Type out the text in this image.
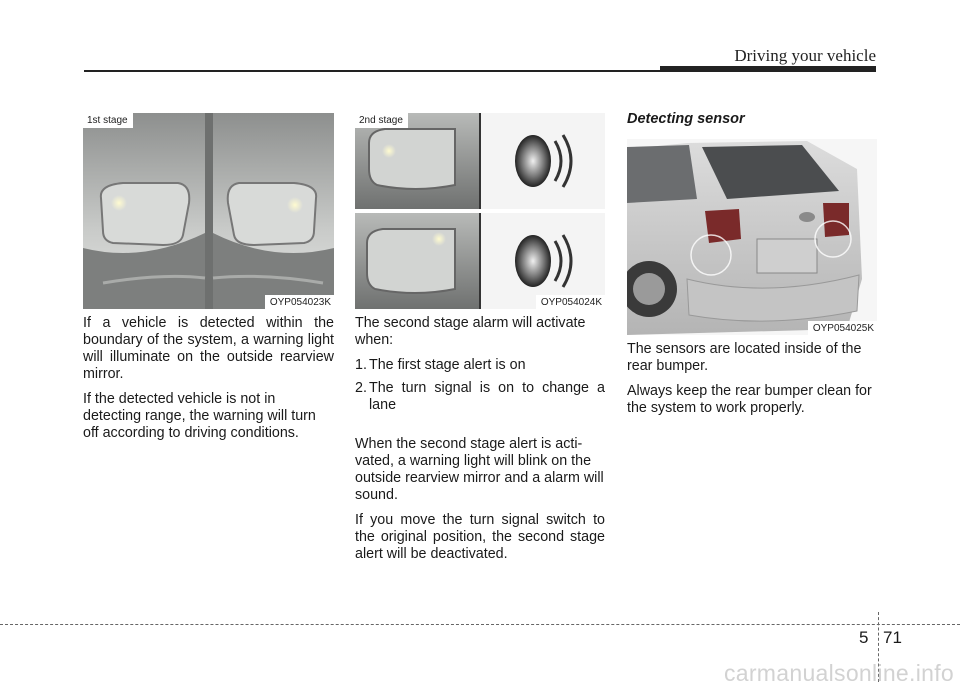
Driving your vehicle
1st stage
OYP054023K
2nd stage
OYP054024K
OYP054025K

If a vehicle is detected within the boundary of the system, a warning light will illuminate on the outside rearview mirror.

If the detected vehicle is not in detecting range, the warning will turn off according to driving conditions.

The second stage alarm will activate when:

1. The first stage alert is on
2. The turn signal is on to change a lane

When the second stage alert is acti-vated, a warning light will blink on the outside rearview mirror and a alarm will sound.

If you move the turn signal switch to the original position, the second stage alert will be deactivated.

Detecting sensor

The sensors are located inside of the rear bumper.

Always keep the rear bumper clean for the system to work properly.

5 71
carmanualsonline.info
